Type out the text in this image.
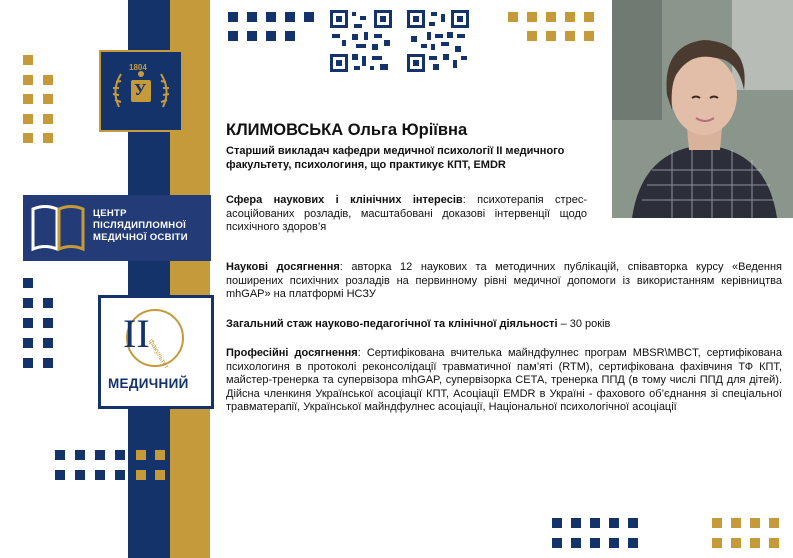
1804
У
ЦЕНТР
ПІСЛЯДИПЛОМНОЇ
МЕДИЧНОЇ ОСВІТИ
II
факультет
МЕДИЧНИЙ
КЛИМОВСЬКА Ольга Юріївна
Старший викладач кафедри медичної психології ІІ медичного факультету, психологиня, що практикує КПТ, EMDR
Сфера наукових і клінічних інтересів: психотерапія стрес-асоційованих розладів, масштабовані доказові інтервенції щодо психічного здоров’я
Наукові досягнення: авторка 12 наукових та методичних публікацій, співавторка курсу «Ведення поширених психічних розладів на первинному рівні медичної допомоги із використанням керівництва mhGAP» на платформі НСЗУ
Загальний стаж науково-педагогічної та клінічної діяльності – 30 років
Професійні досягнення: Сертифікована вчителька майндфулнес програм MBSR\MBCT, сертифікована психологиня в протоколі реконсолідації травматичної пам’яті (RTM), сертифікована фахівчиня ТФ КПТ, майстер-тренерка та супервізора mhGAP, супервізорка СЕТА, тренерка ППД (в тому числі ППД для дітей). Дійсна членкиня Української асоціації КПТ, Асоціації EMDR в Україні - фахового об’єднання зі спеціальної травматерапії, Української майндфулнес асоціації, Національної психологічної асоціації
